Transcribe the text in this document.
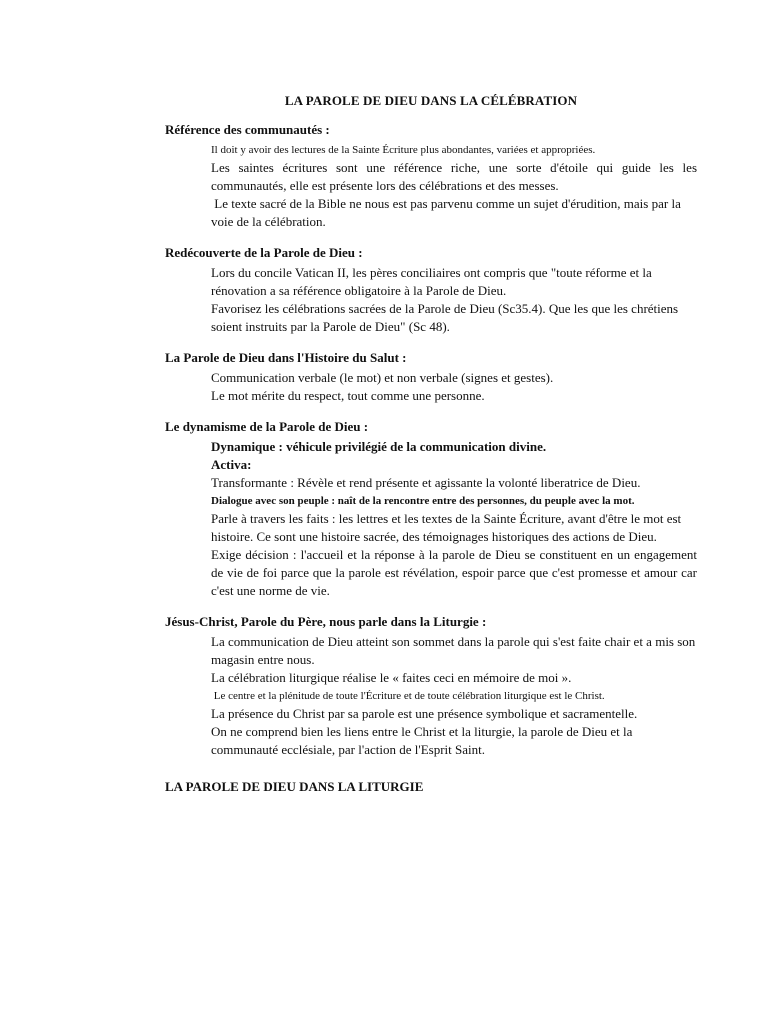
LA PAROLE DE DIEU DANS LA CÉLÉBRATION
Référence des communautés :
Il doit y avoir des lectures de la Sainte Écriture plus abondantes, variées et appropriées.
Les saintes écritures sont une référence riche, une sorte d'étoile qui guide les les communautés, elle est présente lors des célébrations et des messes.
Le texte sacré de la Bible ne nous est pas parvenu comme un sujet d'érudition, mais par la voie de la célébration.
Redécouverte de la Parole de Dieu :
Lors du concile Vatican II, les pères conciliaires ont compris que "toute réforme et la rénovation a sa référence obligatoire à la Parole de Dieu.
Favorisez les célébrations sacrées de la Parole de Dieu (Sc35.4). Que les que les chrétiens soient instruits par la Parole de Dieu" (Sc 48).
La Parole de Dieu dans l'Histoire du Salut :
Communication verbale (le mot) et non verbale (signes et gestes).
Le mot mérite du respect, tout comme une personne.
Le dynamisme de la Parole de Dieu :
Dynamique : véhicule privilégié de la communication divine.
Activa:
Transformante : Révèle et rend présente et agissante la volonté liberatrice de Dieu.
Dialogue avec son peuple : naît de la rencontre entre des personnes, du peuple avec la mot.
Parle à travers les faits : les lettres et les textes de la Sainte Écriture, avant d'être le mot est histoire. Ce sont une histoire sacrée, des témoignages historiques des actions de Dieu.
Exige décision : l'accueil et la réponse à la parole de Dieu se constituent en un engagement de vie de foi parce que la parole est révélation, espoir parce que c'est promesse et amour car c'est une norme de vie.
Jésus-Christ, Parole du Père, nous parle dans la Liturgie :
La communication de Dieu atteint son sommet dans la parole qui s'est faite chair et a mis son magasin entre nous.
La célébration liturgique réalise le « faites ceci en mémoire de moi ».
Le centre et la plénitude de toute l'Écriture et de toute célébration liturgique est le Christ.
La présence du Christ par sa parole est une présence symbolique et sacramentelle.
On ne comprend bien les liens entre le Christ et la liturgie, la parole de Dieu et la communauté ecclésiale, par l'action de l'Esprit Saint.
LA PAROLE DE DIEU DANS LA LITURGIE
